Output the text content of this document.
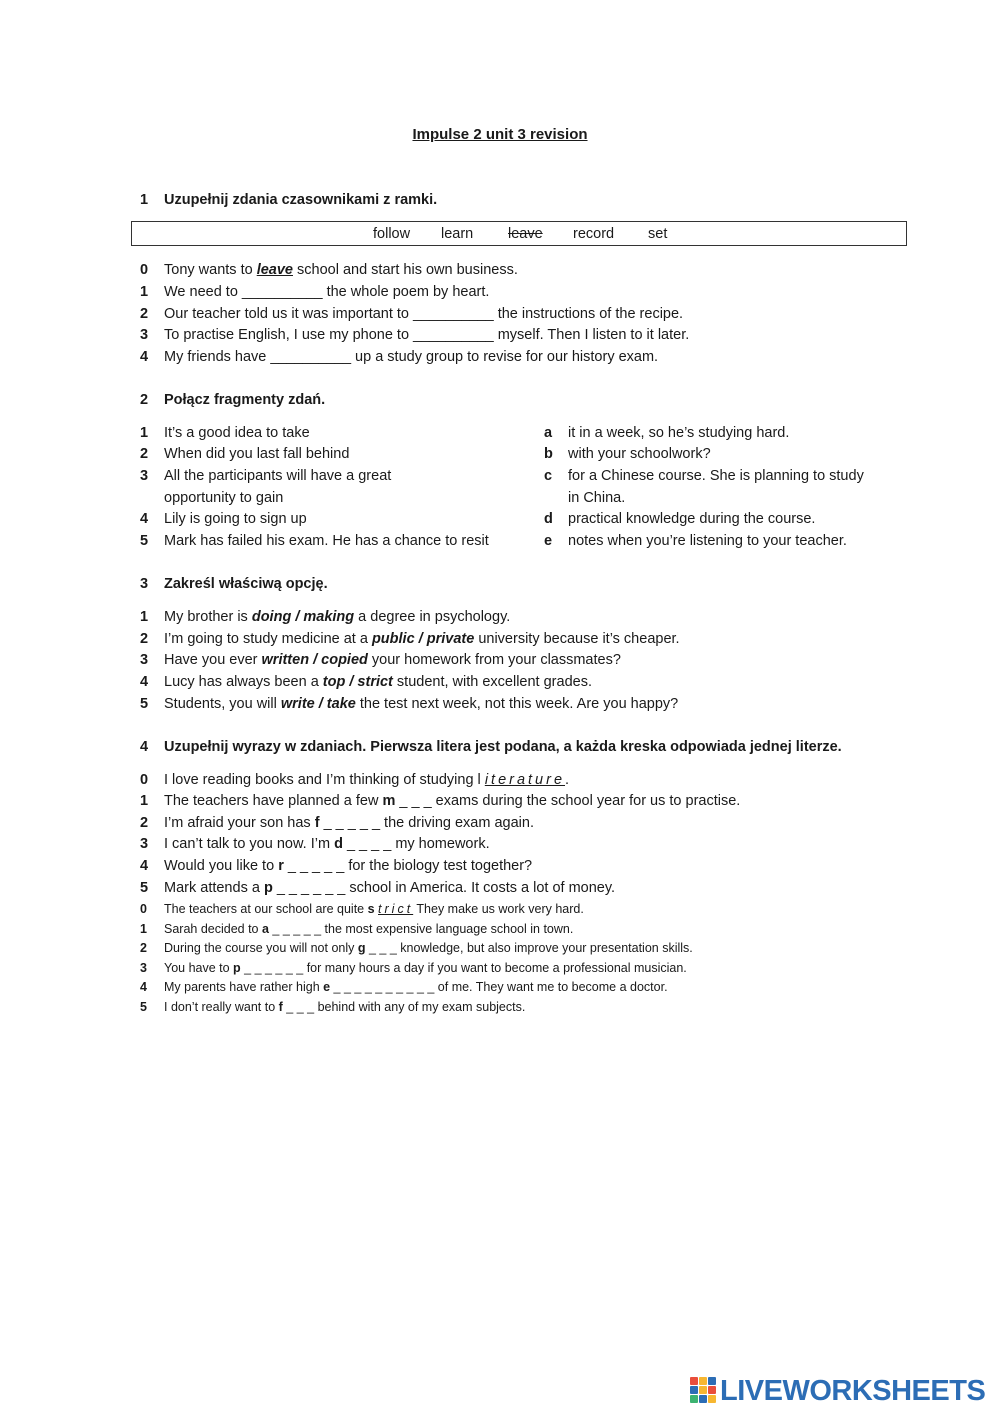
Impulse 2 unit 3 revision
1 Uzupełnij zdania czasownikami z ramki.
follow learn leave record set
0 Tony wants to leave school and start his own business.
1 We need to __________ the whole poem by heart.
2 Our teacher told us it was important to __________ the instructions of the recipe.
3 To practise English, I use my phone to __________ myself. Then I listen to it later.
4 My friends have __________ up a study group to revise for our history exam.
2 Połącz fragmenty zdań.
1 It’s a good idea to take
2 When did you last fall behind
3 All the participants will have a great
opportunity to gain
4 Lily is going to sign up
5 Mark has failed his exam. He has a chance to resit
a it in a week, so he’s studying hard.
b with your schoolwork?
c for a Chinese course. She is planning to study
in China.
d practical knowledge during the course.
e notes when you’re listening to your teacher.
3 Zakreśl właściwą opcję.
1 My brother is doing / making a degree in psychology.
2 I’m going to study medicine at a public / private university because it’s cheaper.
3 Have you ever written / copied your homework from your classmates?
4 Lucy has always been a top / strict student, with excellent grades.
5 Students, you will write / take the test next week, not this week. Are you happy?
4 Uzupełnij wyrazy w zdaniach. Pierwsza litera jest podana, a każda kreska odpowiada jednej literze.
0 I love reading books and I’m thinking of studying l iterature.
1 The teachers have planned a few m _ _ _ exams during the school year for us to practise.
2 I’m afraid your son has f _ _ _ _ _ the driving exam again.
3 I can’t talk to you now. I’m d _ _ _ _ my homework.
4 Would you like to r _ _ _ _ _ for the biology test together?
5 Mark attends a p _ _ _ _ _ _ school in America. It costs a lot of money.
0 The teachers at our school are quite s trict They make us work very hard.
1 Sarah decided to a _ _ _ _ _ the most expensive language school in town.
2 During the course you will not only g _ _ _ knowledge, but also improve your presentation skills.
3 You have to p _ _ _ _ _ _ for many hours a day if you want to become a professional musician.
4 My parents have rather high e _ _ _ _ _ _ _ _ _ _ of me. They want me to become a doctor.
5 I don’t really want to f _ _ _ behind with any of my exam subjects.
LIVEWORKSHEETS
